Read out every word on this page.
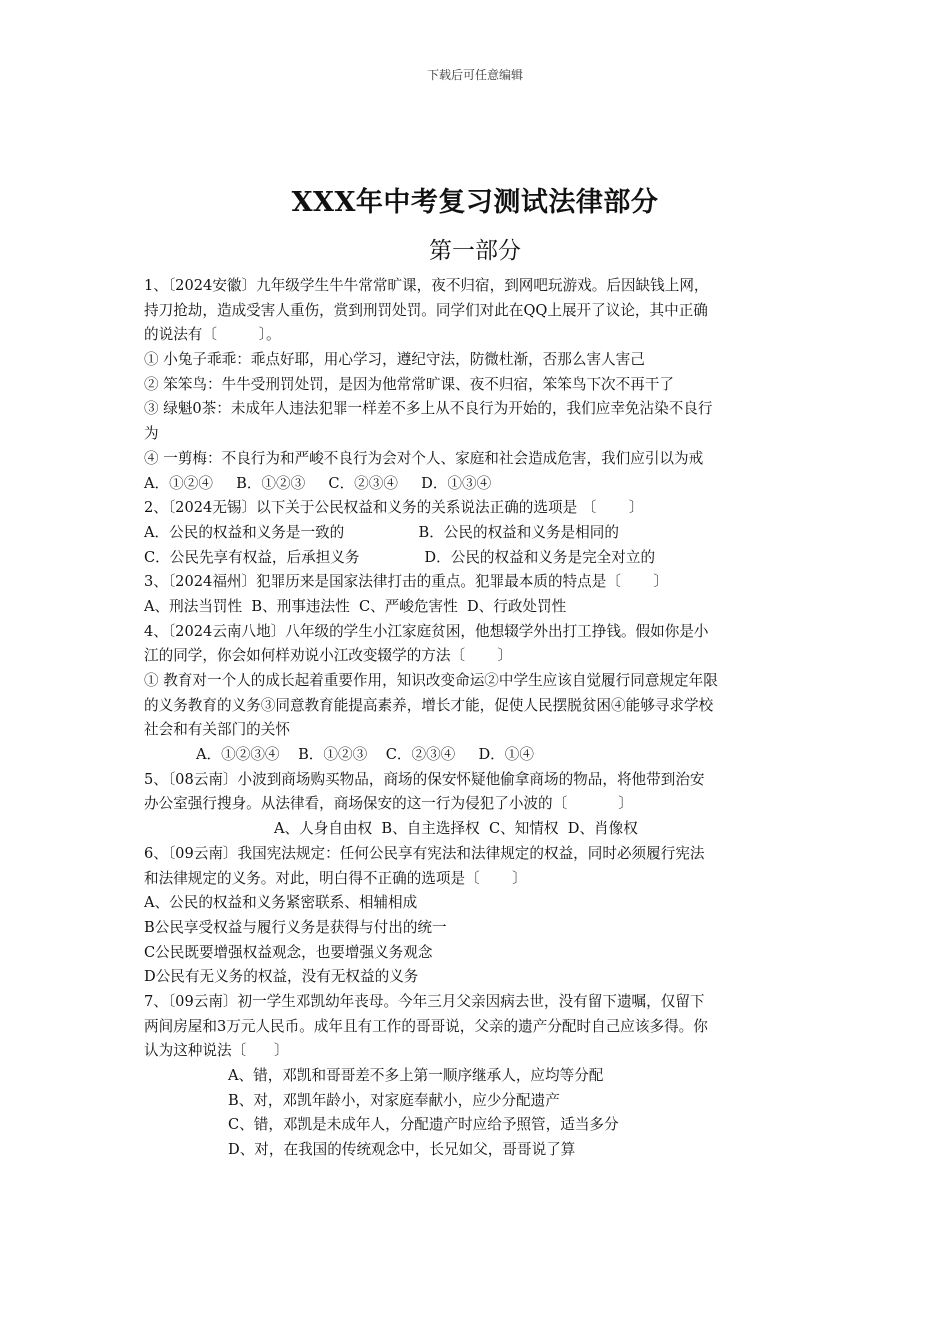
下载后可任意编辑
XXX年中考复习测试法律部分
第一部分
1、〔2024安徽〕九年级学生牛牛常常旷课，夜不归宿，到网吧玩游戏。后因缺钱上网，
持刀抢劫，造成受害人重伤，赏到刑罚处罚。同学们对此在QQ上展开了议论，其中正确
的说法有〔         〕。
① 小兔子乖乖：乖点好耶，用心学习，遵纪守法，防微杜渐，否那么害人害己
② 笨笨鸟：牛牛受刑罚处罚，是因为他常常旷课、夜不归宿，笨笨鸟下次不再干了
③ 绿魁0茶：未成年人违法犯罪一样差不多上从不良行为开始的，我们应幸免沾染不良行
为
④ 一剪梅：不良行为和严峻不良行为会对个人、家庭和社会造成危害，我们应引以为戒
A．①②④     B．①②③     C．②③④     D．①③④
2、〔2024无锡〕以下关于公民权益和义务的关系说法正确的选项是 〔       〕
A．公民的权益和义务是一致的                B．公民的权益和义务是相同的
C．公民先享有权益，后承担义务              D．公民的权益和义务是完全对立的
3、〔2024福州〕犯罪历来是国家法律打击的重点。犯罪最本质的特点是〔       〕
A、刑法当罚性  B、刑事违法性  C、严峻危害性  D、行政处罚性
4、〔2024云南八地〕八年级的学生小江家庭贫困，他想辍学外出打工挣钱。假如你是小
江的同学，你会如何样劝说小江改变辍学的方法〔       〕
① 教育对一个人的成长起着重要作用，知识改变命运②中学生应该自觉履行同意规定年限
的义务教育的义务③同意教育能提高素养，增长才能，促使人民摆脱贫困④能够寻求学校
社会和有关部门的关怀
A．①②③④    B．①②③    C．②③④     D．①④
5、〔08云南〕小波到商场购买物品，商场的保安怀疑他偷拿商场的物品，将他带到治安
办公室强行搜身。从法律看，商场保安的这一行为侵犯了小波的〔           〕
A、人身自由权  B、自主选择权  C、知情权  D、肖像权
6、〔09云南〕我国宪法规定：任何公民享有宪法和法律规定的权益，同时必须履行宪法
和法律规定的义务。对此，明白得不正确的选项是〔       〕
A、公民的权益和义务紧密联系、相辅相成
B公民享受权益与履行义务是获得与付出的统一
C公民既要增强权益观念，也要增强义务观念
D公民有无义务的权益，没有无权益的义务
7、〔09云南〕初一学生邓凯幼年丧母。今年三月父亲因病去世，没有留下遗嘱，仅留下
两间房屋和3万元人民币。成年且有工作的哥哥说，父亲的遗产分配时自己应该多得。你
认为这种说法〔      〕
A、错，邓凯和哥哥差不多上第一顺序继承人，应均等分配
B、对，邓凯年龄小，对家庭奉献小，应少分配遗产
C、错，邓凯是未成年人，分配遗产时应给予照管，适当多分
D、对，在我国的传统观念中，长兄如父，哥哥说了算
